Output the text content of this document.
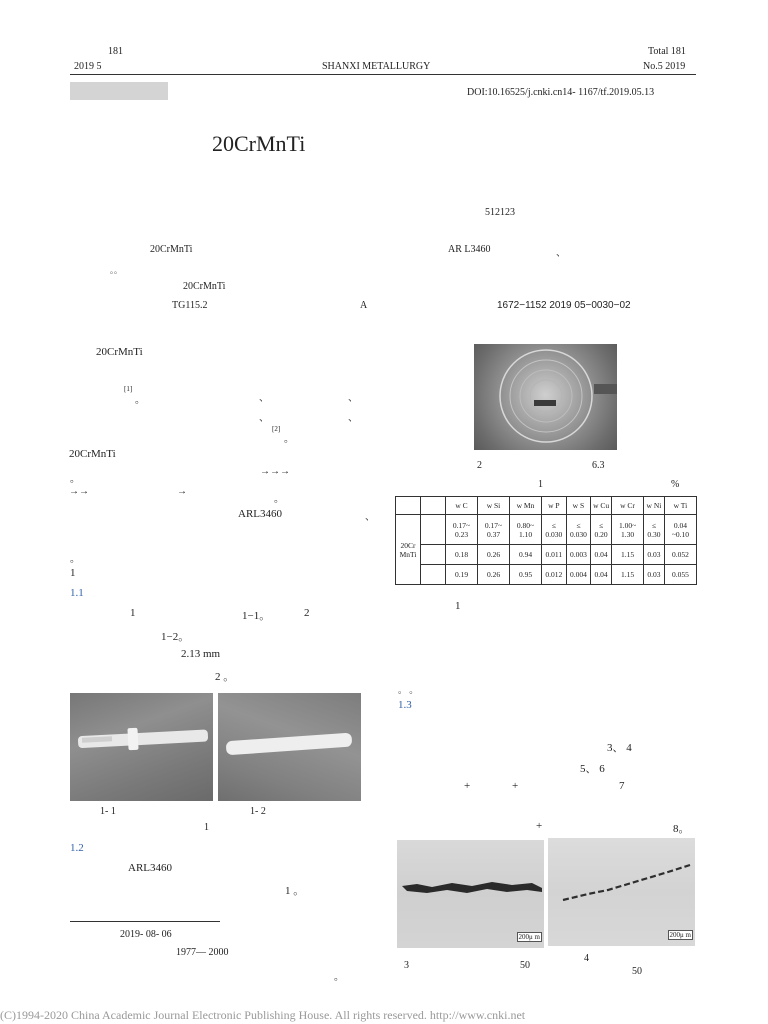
181
2019 5	SHANXI METALLURGY
Total 181
No.5 2019
DOI:10.16525/j.cnki.cn14- 1167/tf.2019.05.13
20CrMnTi
512123
20CrMnTi	AR L3460	、
。。
20CrMnTi
TG115.2	A	1672−1152 2019 05−0030−02
20CrMnTi
[1]
。	、	、
、	、
[2]
。
20CrMnTi
。
→→→
→→	→
。
ARL3460	、
。
1
1.1
1	1−1。	2
1−2。
2.13 mm
2 。
1- 1	1- 2
1
1.2
ARL3460
1 。
2019- 08- 06
1977— 2000
。
2	6.3
1	%
		w C	w Si	w Mn	w P	w S	w Cu	w Cr	w Ni	w Ti
20Cr MnTi		0.17~ 0.23	0.17~ 0.37	0.80~ 1.10	≤ 0.030	≤ 0.030	≤ 0.20	1.00~ 1.30	≤ 0.30	0.04 ~0.10
		0.18	0.26	0.94	0.011	0.003	0.04	1.15	0.03	0.052
		0.19	0.26	0.95	0.012	0.004	0.04	1.15	0.03	0.055
1
。 。
1.3
3、 4
5、 6
+	+	7
+	8。
200μ m	200μ m
3	50
4
50
(C)1994-2020 China Academic Journal Electronic Publishing House. All rights reserved. http://www.cnki.net
